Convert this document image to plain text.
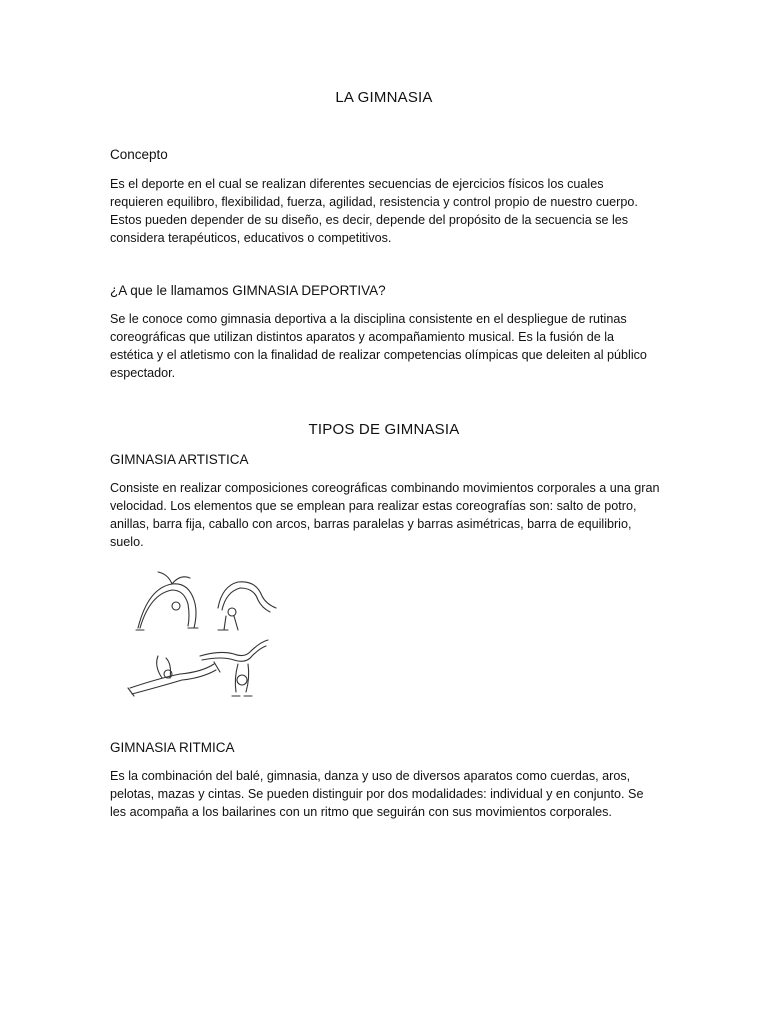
LA GIMNASIA
Concepto

Es el deporte en el cual se realizan diferentes secuencias de ejercicios físicos los cuales requieren equilibro, flexibilidad, fuerza, agilidad, resistencia y control propio de nuestro cuerpo. Estos pueden depender de su diseño, es decir, depende del propósito de la secuencia se les considera terapéuticos, educativos o competitivos.

¿A que le llamamos GIMNASIA DEPORTIVA?

Se le conoce como gimnasia deportiva a la disciplina consistente en el despliegue de rutinas coreográficas que utilizan distintos aparatos y acompañamiento musical. Es la fusión de la estética y el atletismo con la finalidad de realizar competencias olímpicas que deleiten al público espectador.

TIPOS DE GIMNASIA
GIMNASIA ARTISTICA

Consiste en realizar composiciones coreográficas combinando movimientos corporales a una gran velocidad. Los elementos que se emplean para realizar estas coreografías son: salto de potro, anillas, barra fija, caballo con arcos, barras paralelas y barras asimétricas, barra de equilibrio, suelo.

GIMNASIA RITMICA

Es la combinación del balé, gimnasia, danza y uso de diversos aparatos como cuerdas, aros, pelotas, mazas y cintas. Se pueden distinguir por dos modalidades: individual y en conjunto. Se les acompaña a los bailarines con un ritmo que seguirán con sus movimientos corporales.
